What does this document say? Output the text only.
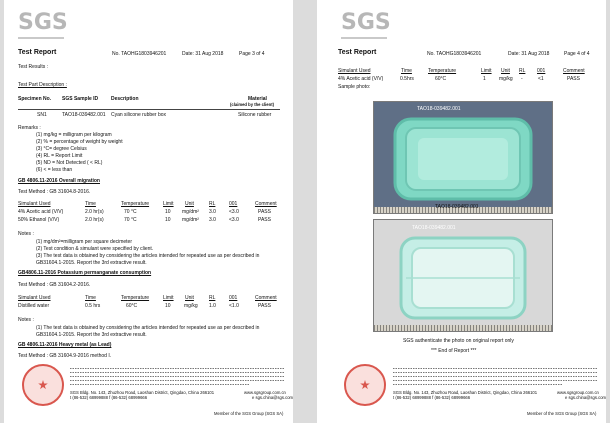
SGS
Test Report	No. TAOHG1803946201	Date: 31 Aug 2018	Page 3 of 4
Test Results :
Test Part Description :
Specimen No. SGS Sample ID	Description	Material
(claimed by the client)
SN1	TAO18-039482.001 Cyan silicone rubber box	Silicone rubber
Remarks :
(1) mg/kg = milligram per kilogram
(2) % = percentage of weight by weight
(3) °C= degree Celsius
(4) RL = Report Limit
(5) ND = Not Detected ( < RL)
(6) < = less than
GB 4806.11-2016 Overall migration
Test Method : GB 31604.8-2016.
Simulant Used	Time	Temperature	Limit Unit	RL	001	Comment
4% Acetic acid (V/V)	2.0 hr(s)	70 °C	10 mg/dm² 3.0	<3.0	PASS
50% Ethanol (V/V)	2.0 hr(s)	70 °C	10 mg/dm² 3.0	<3.0	PASS
Notes :
(1) mg/dm²=milligram per square decimeter
(2) Test condition & simulant were specified by client.
(3) The test data is obtained by considering the articles intended for repeated use as per described in
GB31604.1-2015. Report the 3rd extractive result.
GB4806.11-2016 Potassium permanganate consumption
Test Method : GB 31604.2-2016.
Simulant Used	Time	Temperature	Limit Unit	RL	001	Comment
Distilled water	0.5 hrs	60°C	10	mg/kg 1.0	<1.0	PASS
Notes :
(1) The test data is obtained by considering the articles intended for repeated use as per described in
GB31604.1-2015. Report the 3rd extractive result.
GB 4806.11-2016 Heavy metal (as Lead)
Test Method : GB 31604.9-2016 method I.
SGS Bldg. No. 143, Zhuzhou Road, Laoshan District, Qingdao, China 266101
t (86-532) 68999888 f (86-532) 68999666
www.sgsgroup.com.cn
e sgs.china@sgs.com
Member of the SGS Group (SGS SA)
SGS
Test Report	No. TAOHG1803946201	Date: 31 Aug 2018	Page 4 of 4
Simulant Used	Time	Temperature	Limit Unit RL 001	Comment
4% Acetic acid (V/V)	0.5hrs	60°C	1	mg/kg -	<1	PASS
Sample photo:
TAO18-039482.001
TAO18-039482.001
TAO18-039482.001
SGS authenticate the photo on original report only
*** End of Report ***
SGS Bldg. No. 143, Zhuzhou Road, Laoshan District, Qingdao, China 266101
t (86-532) 68999888 f (86-532) 68999666
www.sgsgroup.com.cn
e sgs.china@sgs.com
Member of the SGS Group (SGS SA)
